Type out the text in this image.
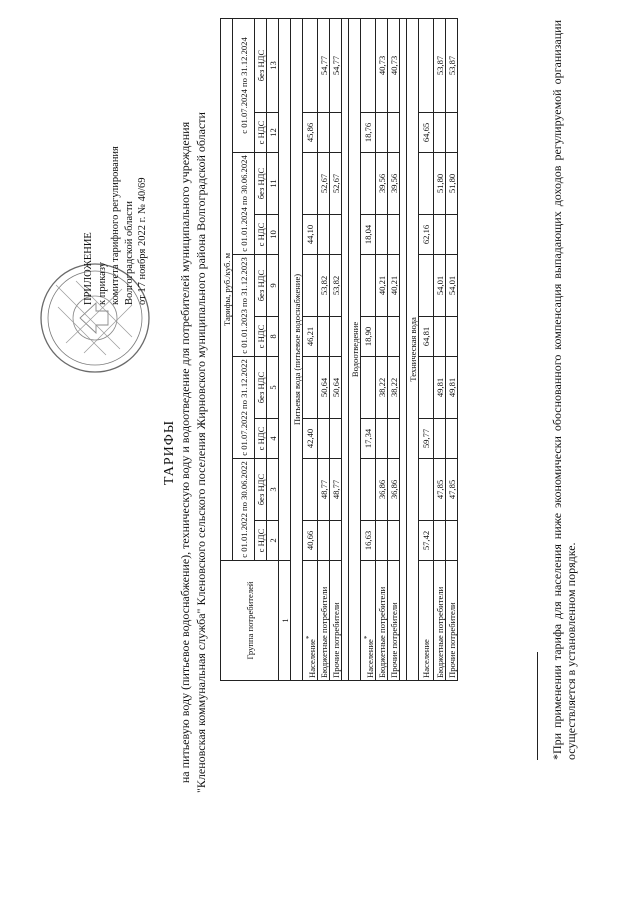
ПРИЛОЖЕНИЕ к приказу комитета тарифного регулирования Волгоградской области от 17 ноября 2022 г. № 40/69
ТАРИФЫ на питьевую воду (питьевое водоснабжение), техническую воду и водоотведение для потребителей муниципального учреждения "Кленовская коммунальная служба" Кленовского сельского поселения Жирновского муниципального района Волгоградской области	Группа потребителей	Тарифы, руб./куб. м									
	с 01.01.2022 по 30.06.2022		с 01.07.2022 по 31.12.2022		с 01.01.2023 по 31.12.2023		с 01.01.2024 по 30.06.2024		с 01.07.2024 по 31.12.2024	
	с НДС	без НДС	с НДС	без НДС	с НДС	без НДС	с НДС	без НДС	с НДС	без НДС
	2	3	4	5	8	9	10	11	12	13
1										
Питьевая вода (питьевое водоснабжение)										
Население*	40,66		42,40		46,21		44,10		45,86	
Бюджетные потребители		48,77		50,64		53,82		52,67		54,77
Прочие потребители		48,77		50,64		53,82		52,67		54,77

Водоотведение										
Население*	16,63		17,34		18,90		18,04		18,76	
Бюджетные потребители		36,86		38,22		40,21		39,56		40,73
Прочие потребители		36,86		38,22		40,21		39,56		40,73

Техническая вода										
Население	57,42		59,77		64,81		62,16		64,65	
Бюджетные потребители		47,85		49,81		54,01		51,80		53,87
Прочие потребители		47,85		49,81		54,01		51,80		53,87	*При применении тарифа для населения ниже экономически обоснованного компенсация выпадающих доходов регулируемой организации осуществляется в установленном порядке.
